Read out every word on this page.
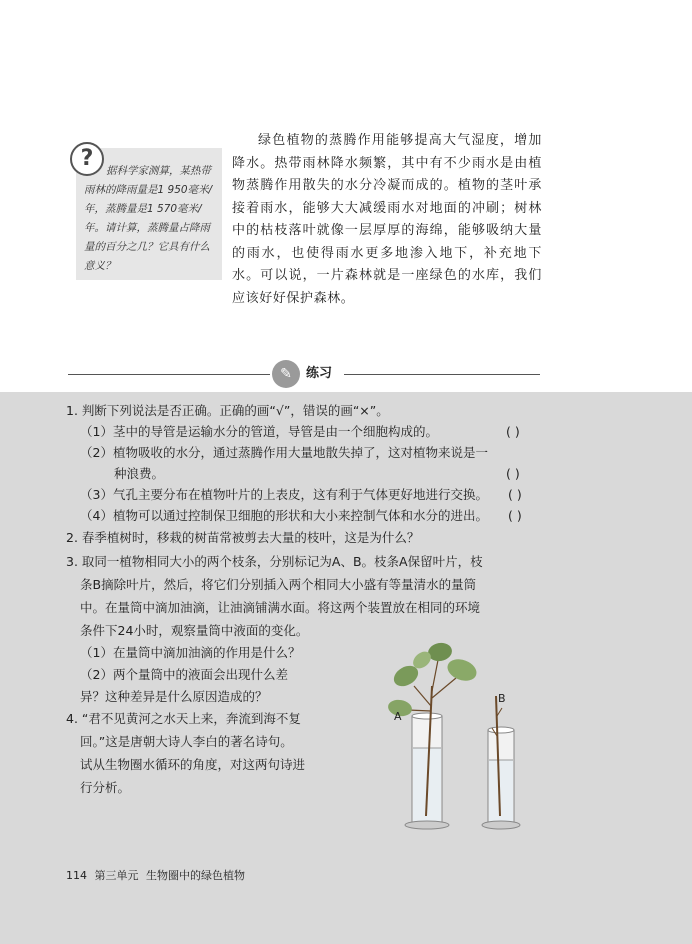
?	据科学家测算，某热带雨林的降雨量是1 950毫米/年，蒸腾量是1 570毫米/年。请计算，蒸腾量占降雨量的百分之几？它具有什么意义？
绿色植物的蒸腾作用能够提高大气湿度，增加降水。热带雨林降水频繁，其中有不少雨水是由植物蒸腾作用散失的水分冷凝而成的。植物的茎叶承接着雨水，能够大大减缓雨水对地面的冲刷；树林中的枯枝落叶就像一层厚厚的海绵，能够吸纳大量的雨水，也使得雨水更多地渗入地下，补充地下水。可以说，一片森林就是一座绿色的水库，我们应该好好保护森林。
✎	练习
1. 判断下列说法是否正确。正确的画“√”，错误的画“×”。
（1）茎中的导管是运输水分的管道，导管是由一个细胞构成的。	( )
（2）植物吸收的水分，通过蒸腾作用大量地散失掉了，这对植物来说是一
种浪费。	( )
（3）气孔主要分布在植物叶片的上表皮，这有利于气体更好地进行交换。 ( )
（4）植物可以通过控制保卫细胞的形状和大小来控制气体和水分的进出。 ( )
2. 春季植树时，移栽的树苗常被剪去大量的枝叶，这是为什么？
3. 取同一植物相同大小的两个枝条，分别标记为A、B。枝条A保留叶片，枝
条B摘除叶片，然后，将它们分别插入两个相同大小盛有等量清水的量筒
中。在量筒中滴加油滴，让油滴铺满水面。将这两个装置放在相同的环境
条件下24小时，观察量筒中液面的变化。
（1）在量筒中滴加油滴的作用是什么？
（2）两个量筒中的液面会出现什么差
异？这种差异是什么原因造成的？
4. “君不见黄河之水天上来，奔流到海不复
回。”这是唐朝大诗人李白的著名诗句。
试从生物圈水循环的角度，对这两句诗进
行分析。
A
B
114 第三单元 生物圈中的绿色植物
